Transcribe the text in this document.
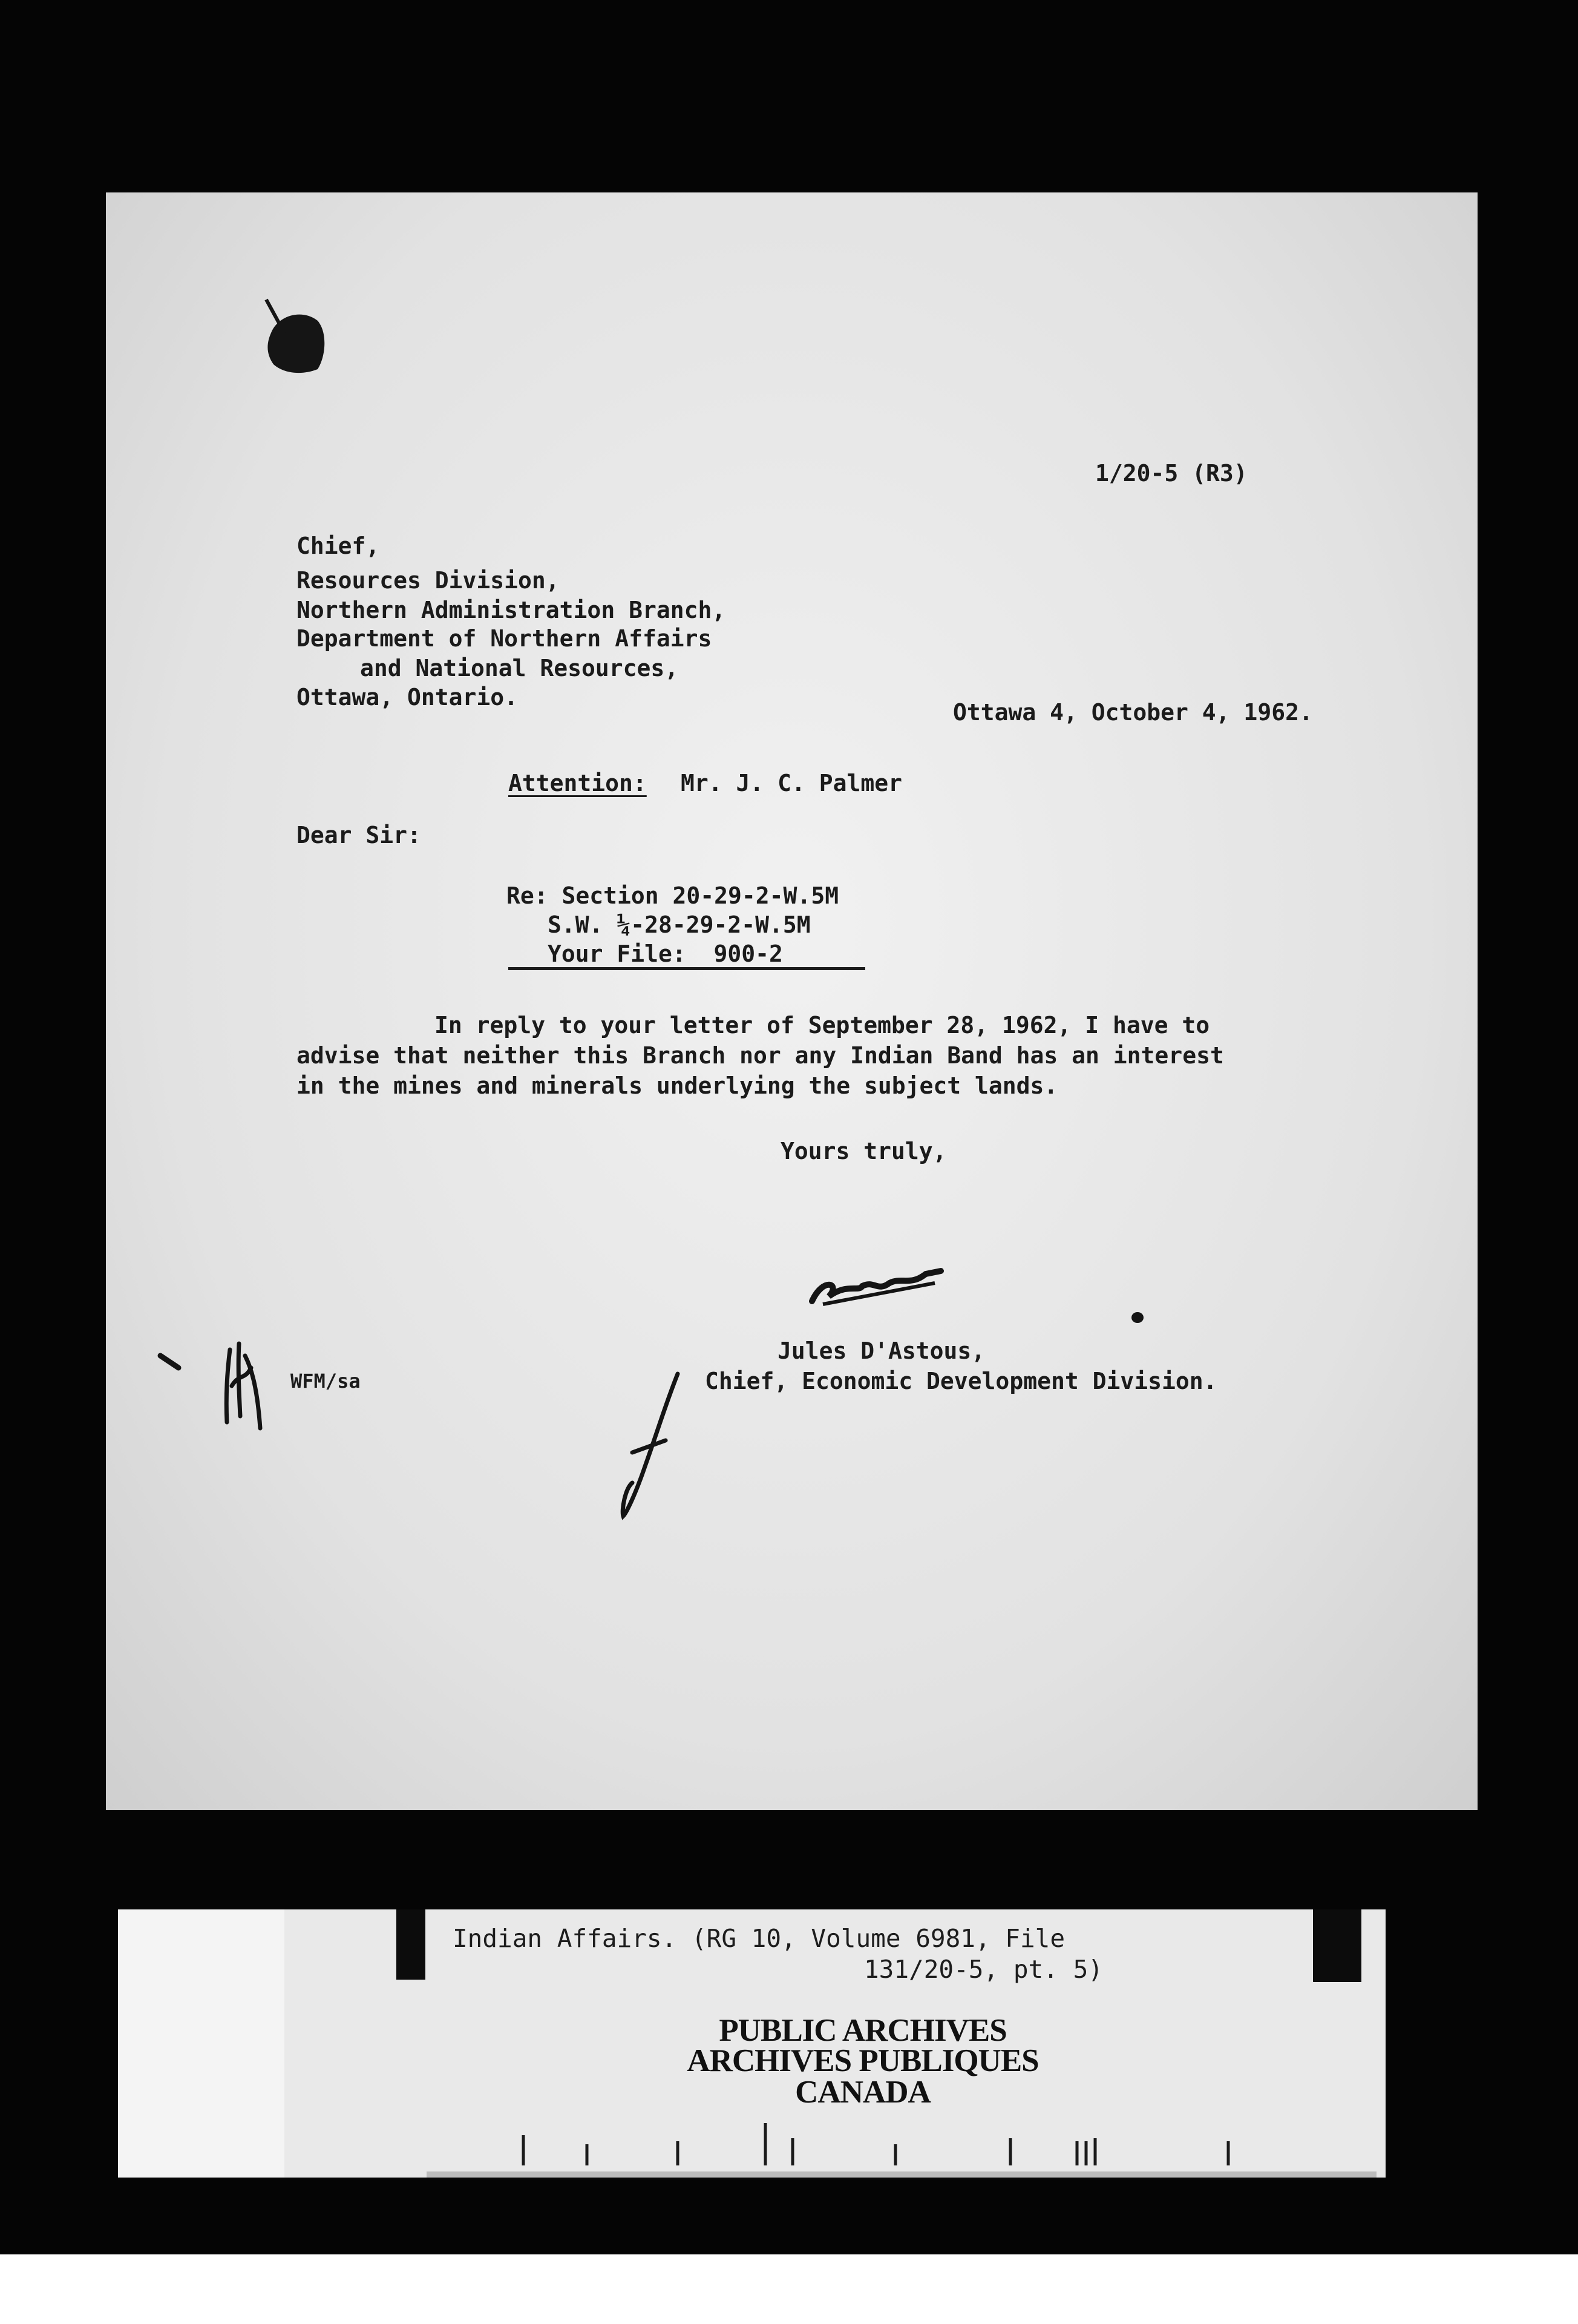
1/20-5 (R3)
Chief,
Resources Division,
Northern Administration Branch,
Department of Northern Affairs
and National Resources,
Ottawa, Ontario.
Ottawa 4, October 4, 1962.
Attention: Mr. J. C. Palmer
Dear Sir:
Re: Section 20-29-2-W.5M
S.W. ¼-28-29-2-W.5M
Your File:  900-2
In reply to your letter of September 28, 1962, I have to
advise that neither this Branch nor any Indian Band has an interest
in the mines and minerals underlying the subject lands.
Yours truly,
Jules D'Astous,
Chief, Economic Development Division.
WFM/sa
Indian Affairs. (RG 10, Volume 6981, File
131/20-5, pt. 5)
PUBLIC ARCHIVES
ARCHIVES PUBLIQUES
CANADA
